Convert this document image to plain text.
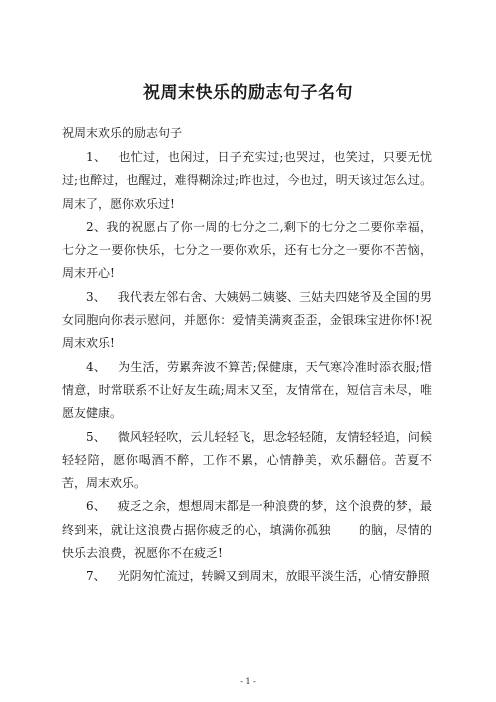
祝周末快乐的励志句子名句
祝周末欢乐的励志句子

1、 也忙过，也闲过，日子充实过;也哭过，也笑过，只要无忧过;也醉过，也醒过，难得糊涂过;昨也过，今也过，明天该过怎么过。周末了，愿你欢乐过!

2、我的祝愿占了你一周的七分之二,剩下的七分之二要你幸福，七分之一要你快乐，七分之一要你欢乐，还有七分之一要你不苦恼，周末开心!

3、 我代表左邻右舍、大姨妈二姨婆、三姑夫四姥爷及全国的男女同胞向你表示慰问，并愿你：爱情美满爽歪歪，金银珠宝进你怀!祝周末欢乐!

4、 为生活，劳累奔波不算苦;保健康，天气寒冷准时添衣服;惜情意，时常联系不让好友生疏;周末又至，友情常在，短信言未尽，唯愿友健康。

5、 微风轻轻吹，云儿轻轻飞，思念轻轻随，友情轻轻追，问候轻轻陪，愿你喝酒不醉，工作不累，心情静美，欢乐翻倍。苦夏不苦，周末欢乐。

6、 疲乏之余，想想周末都是一种浪费的梦，这个浪费的梦，最终到来，就让这浪费占据你疲乏的心，填满你孤独 的脑，尽情的快乐去浪费，祝愿你不在疲乏!

7、 光阴匆忙流过，转瞬又到周末，放眼平淡生活，心情安静照

- 1 -
